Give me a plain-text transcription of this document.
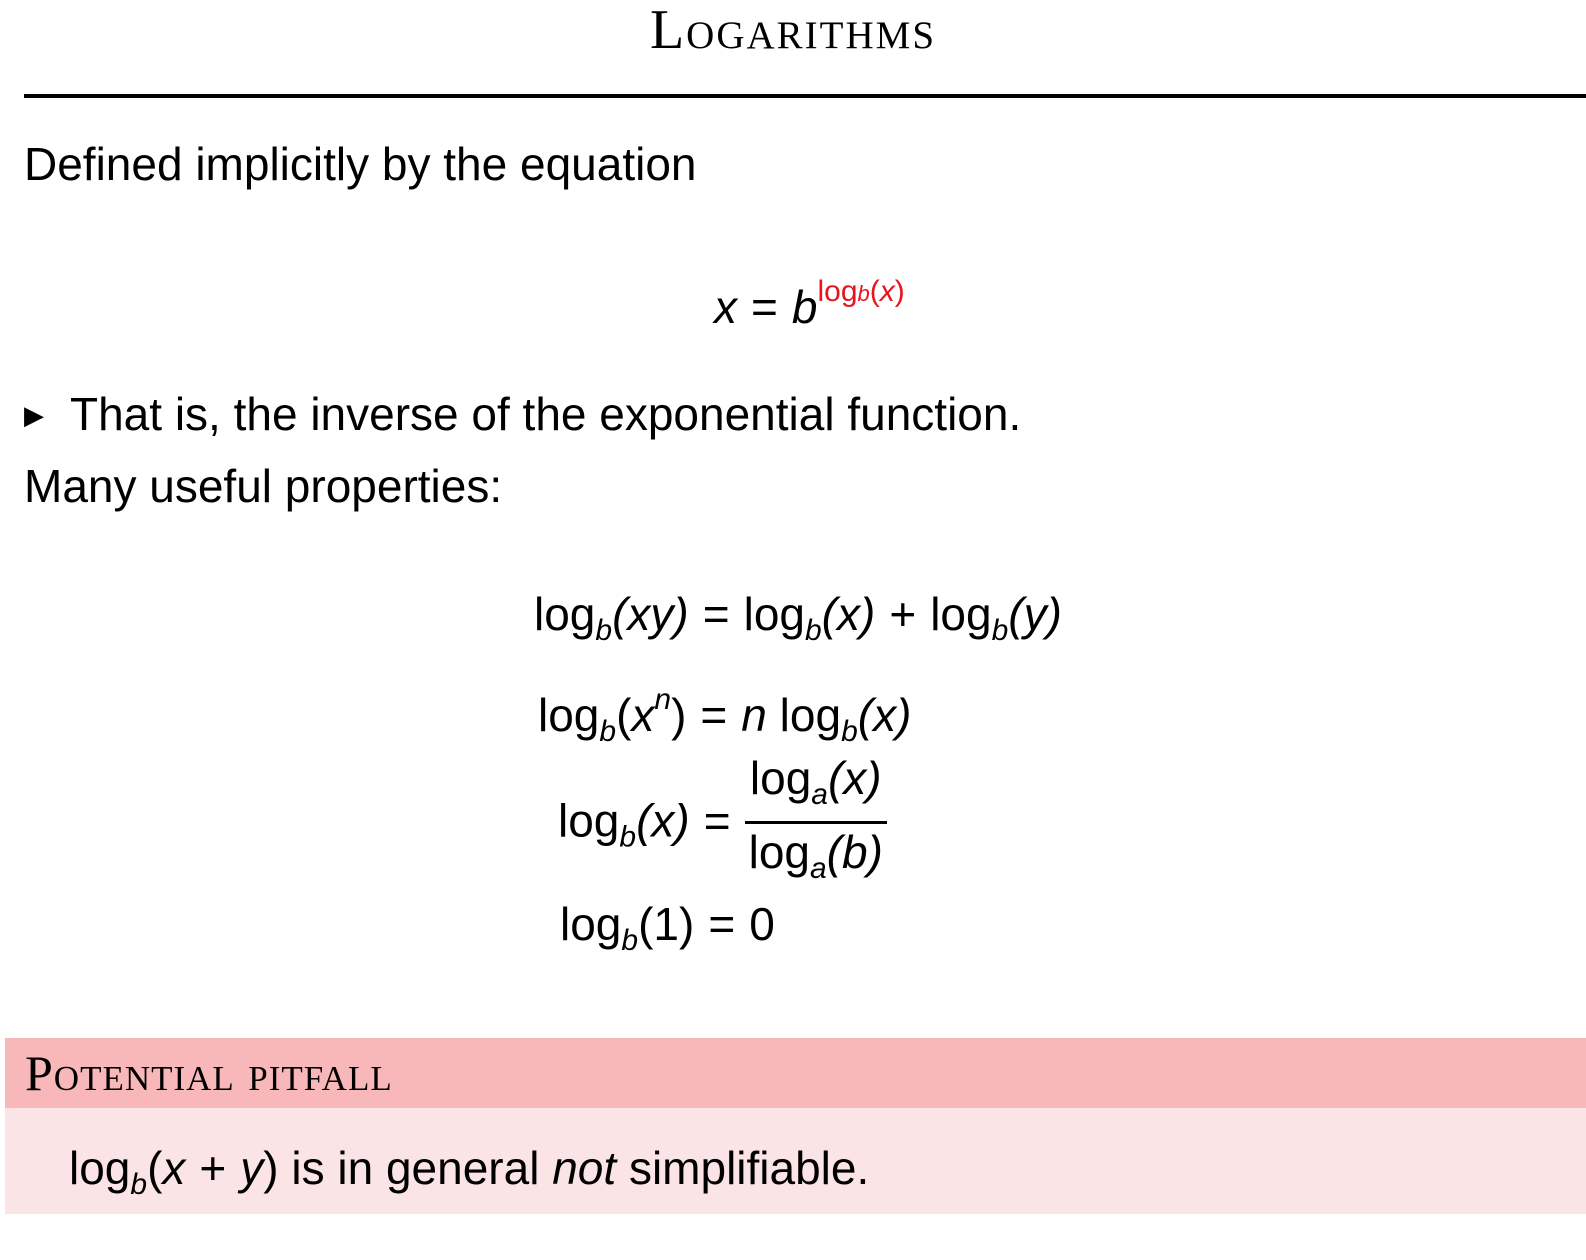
Logarithms
Defined implicitly by the equation
$x = b^{logb(x)}$
▶ That is, the inverse of the exponential function.
Many useful properties:
$\log_b(xy) = \log_b(x) + \log_b(y)$
$\log_b(x^n) = n$ $\log_b(x)$
$\log_b(x) = \frac{\log_a(x)}{\log_a(b)}$
$\log_b(1) = 0$
Potential pitfall
$\log_b(x + y)$ is in general not simplifiable.
